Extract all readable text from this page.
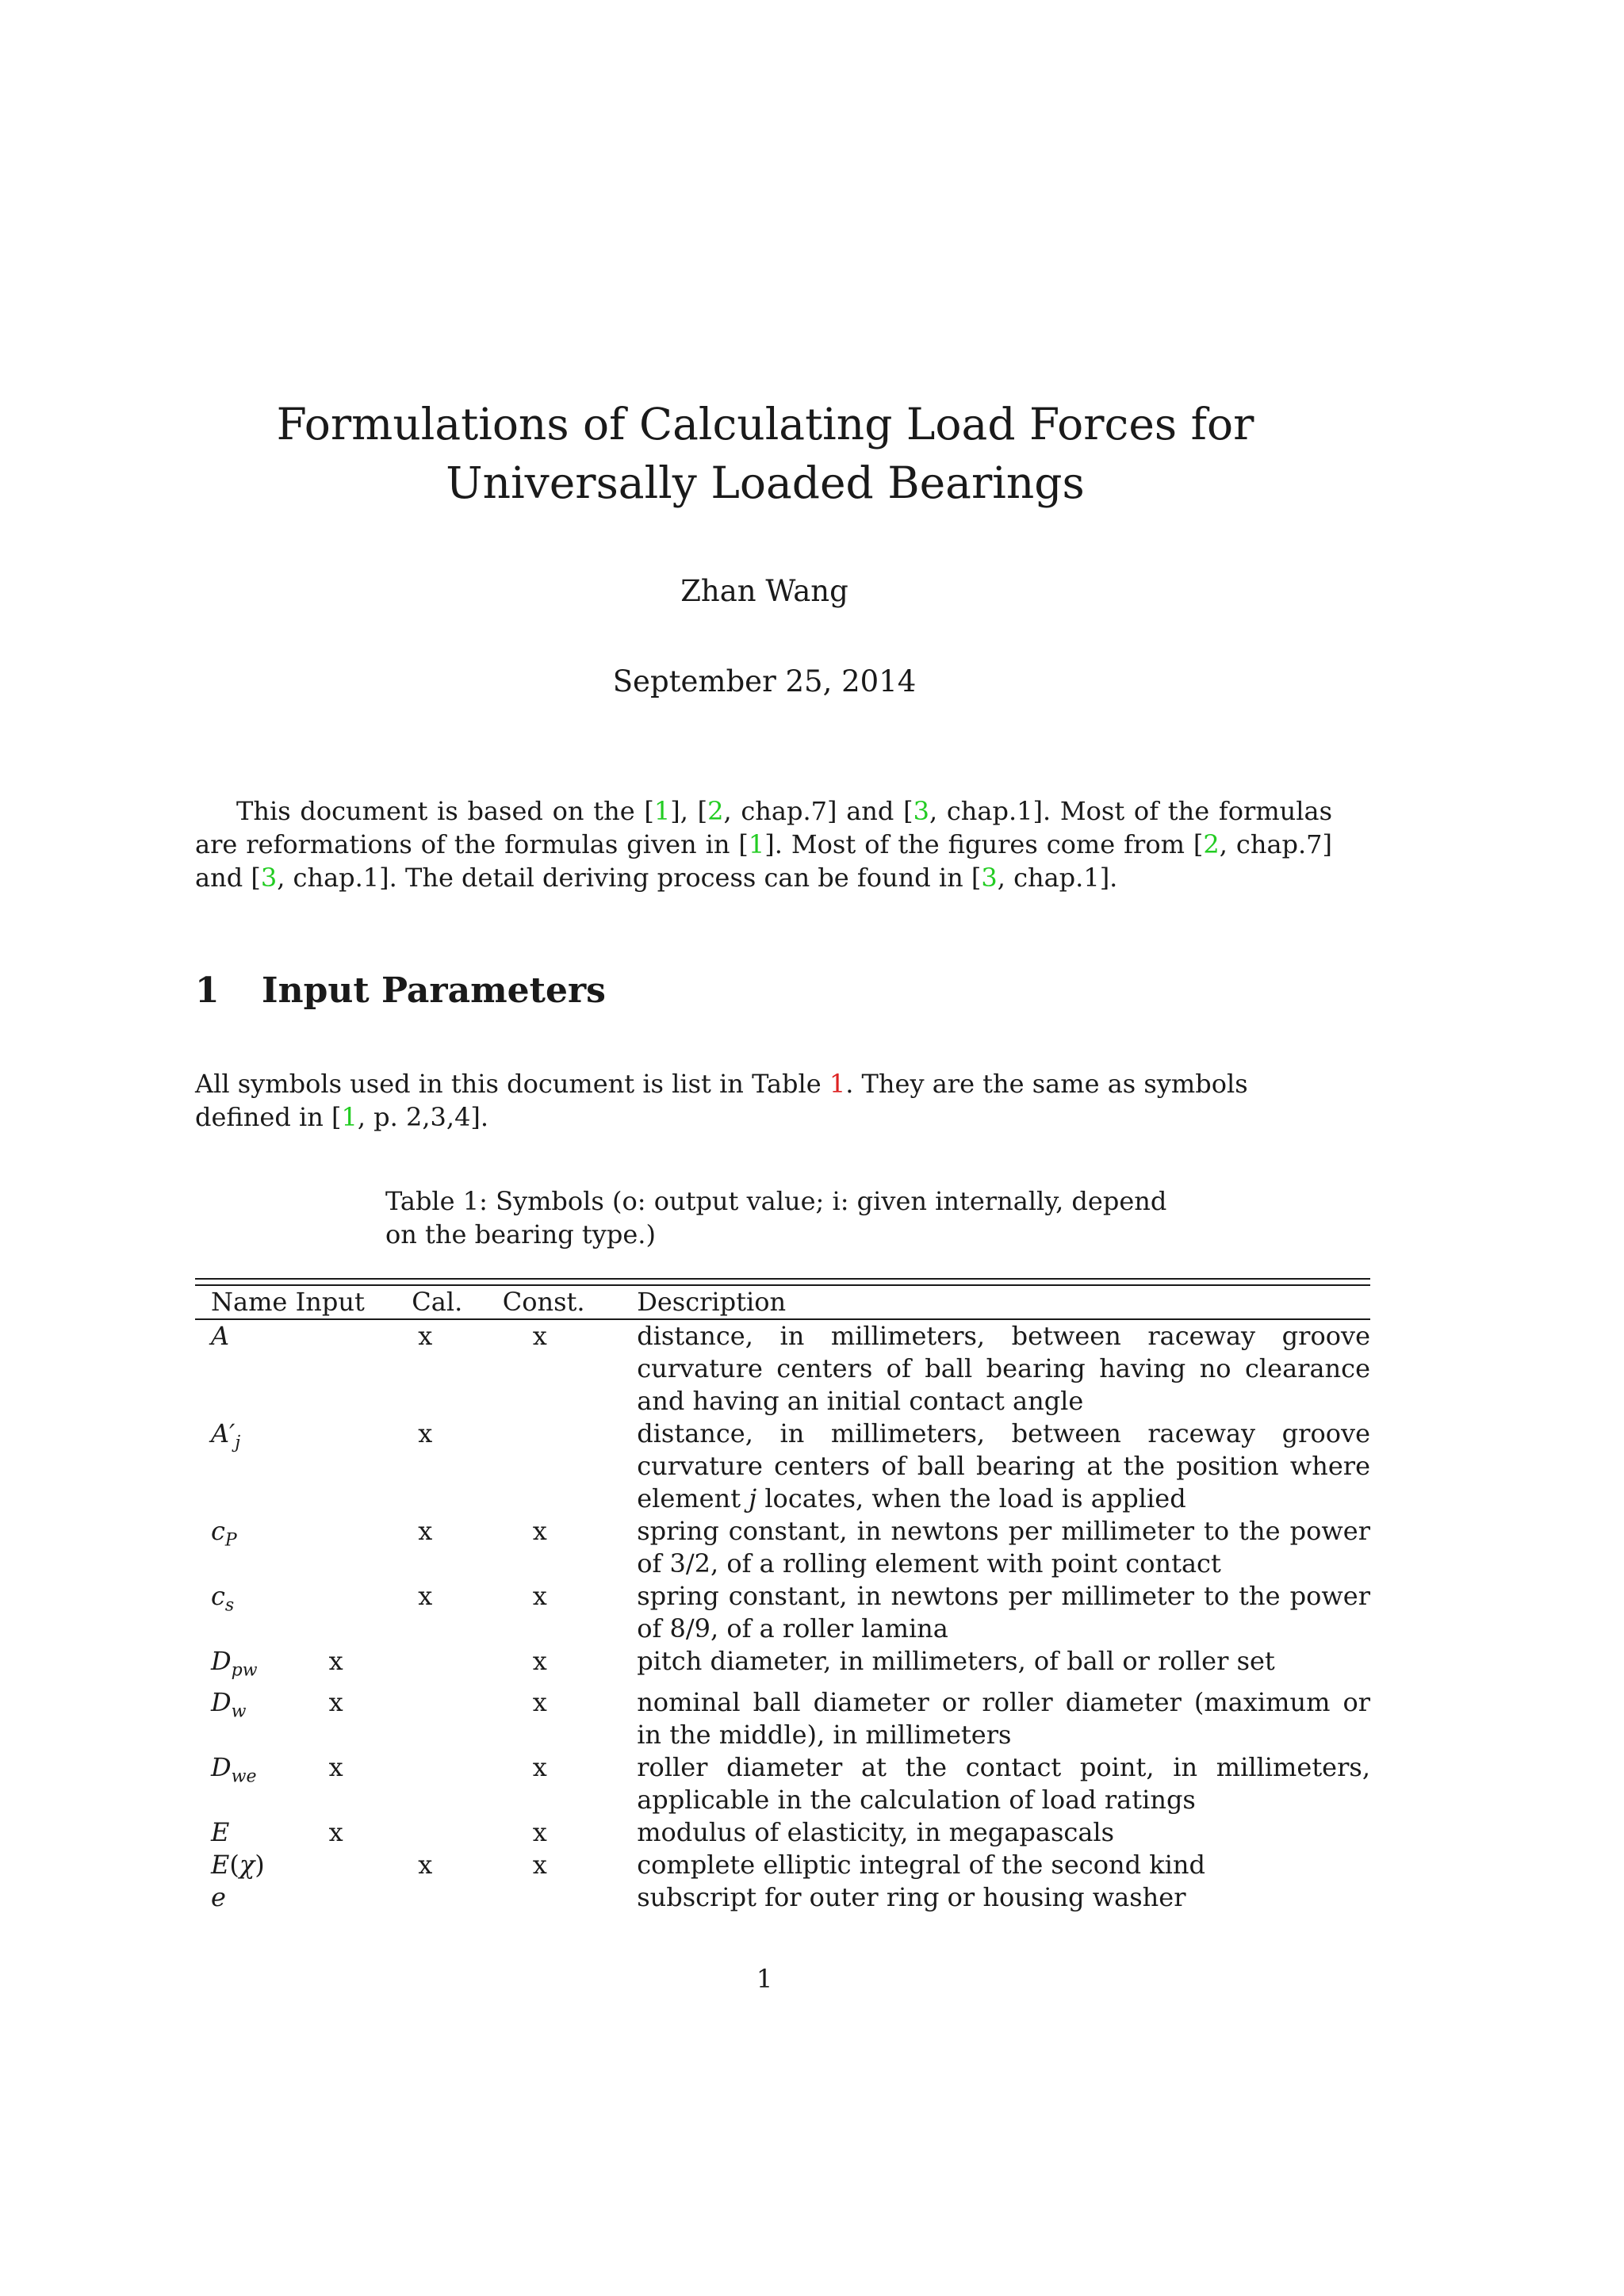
Formulations of Calculating Load Forces for Universally Loaded Bearings
Zhan Wang
September 25, 2014

This document is based on the [1], [2, chap.7] and [3, chap.1]. Most of the formulas are reformations of the formulas given in [1]. Most of the figures come from [2, chap.7] and [3, chap.1]. The detail deriving process can be found in [3, chap.1].

1 Input Parameters

All symbols used in this document is list in Table 1. They are the same as symbols defined in [1, p. 2,3,4].

Table 1: Symbols (o: output value; i: given internally, depend on the bearing type.)

Name	Input	Cal.	Const.	Description

A		x	x	distance, in millimeters, between raceway groove curvature centers of ball bearing having no clearance and having an initial contact angle
$A'_j$		x		distance, in millimeters, between raceway groove curvature centers of ball bearing at the position where element j locates, when the load is applied
$c_P$		x	x	spring constant, in newtons per millimeter to the power of 3/2, of a rolling element with point contact
$c_s$		x	x	spring constant, in newtons per millimeter to the power of 8/9, of a roller lamina
$D_{pw}$	x		x	pitch diameter, in millimeters, of ball or roller set
$D_w$	x		x	nominal ball diameter or roller diameter (maximum or in the middle), in millimeters
$D_{we}$	x		x	roller diameter at the contact point, in millimeters, applicable in the calculation of load ratings
E	x		x	modulus of elasticity, in megapascals
E(χ)		x	x	complete elliptic integral of the second kind
e				subscript for outer ring or housing washer
1
